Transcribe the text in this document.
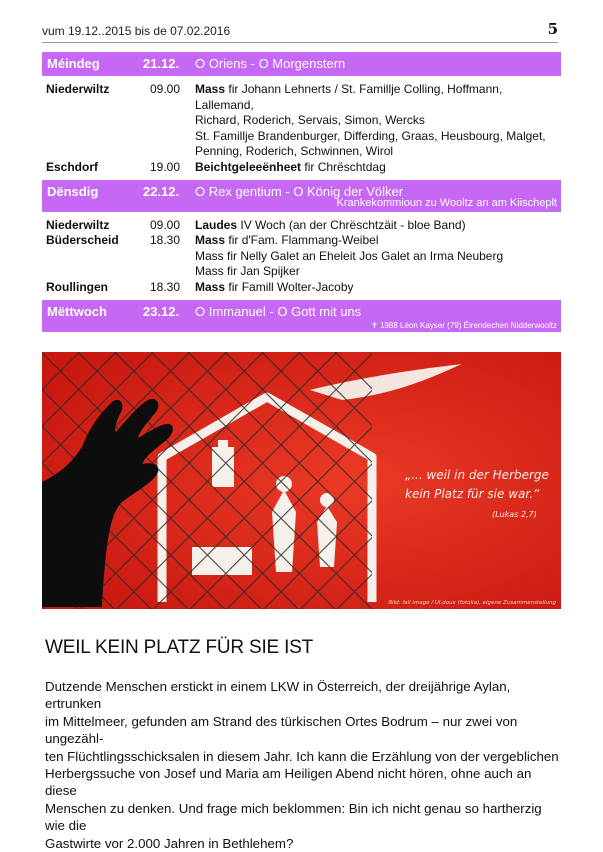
vum 19.12..2015 bis de 07.02.2016	5
Méindeg	21.12. O Oriens - O Morgenstern
Niederwiltz	09.00 Mass fir Johann Lehnerts / St. Famillje Colling, Hoffmann, Lallemand,
Richard, Roderich, Servais, Simon, Wercks
St. Famillje Brandenburger, Differding, Graas, Heusbourg, Malget,
Penning, Roderich, Schwinnen, Wirol
Eschdorf	19.00 Beichtgeleeënheet fir Chrëschtdag
Dënsdig	22.12. O Rex gentium - O König der Völker
Krankekommioun zu Wooltz an am Kiischeplt
Niederwiltz	09.00 Laudes IV Woch (an der Chrëschtzäit - bloe Band)
Büderscheid	18.30 Mass fir d'Fam. Flammang-Weibel
Mass fir Nelly Galet an Eheleit Jos Galet an Irma Neuberg
Mass fir Jan Spijker
Roullingen	18.30 Mass fir Famill Wolter-Jacoby
Mëttwoch	23.12. O Immanuel - O Gott mit uns
✝ 1988 Léon Kayser (79) Éirendechen Nidderwooltz
„... weil in der Herberge
kein Platz für sie war.“
(Lukas 2,7)
Bild: fall image / Ul.doux (fotolia), eigene Zusammenstellung
WEIL KEIN PLATZ FÜR SIE IST
Dutzende Menschen erstickt in einem LKW in Österreich, der dreijährige Aylan, ertrunken
im Mittelmeer, gefunden am Strand des türkischen Ortes Bodrum – nur zwei von ungezähl-
ten Flüchtlingsschicksalen in diesem Jahr. Ich kann die Erzählung von der vergeblichen
Herbergssuche von Josef und Maria am Heiligen Abend nicht hören, ohne auch an diese
Menschen zu denken. Und frage mich beklommen: Bin ich nicht genau so hartherzig wie die
Gastwirte vor 2.000 Jahren in Bethlehem?
